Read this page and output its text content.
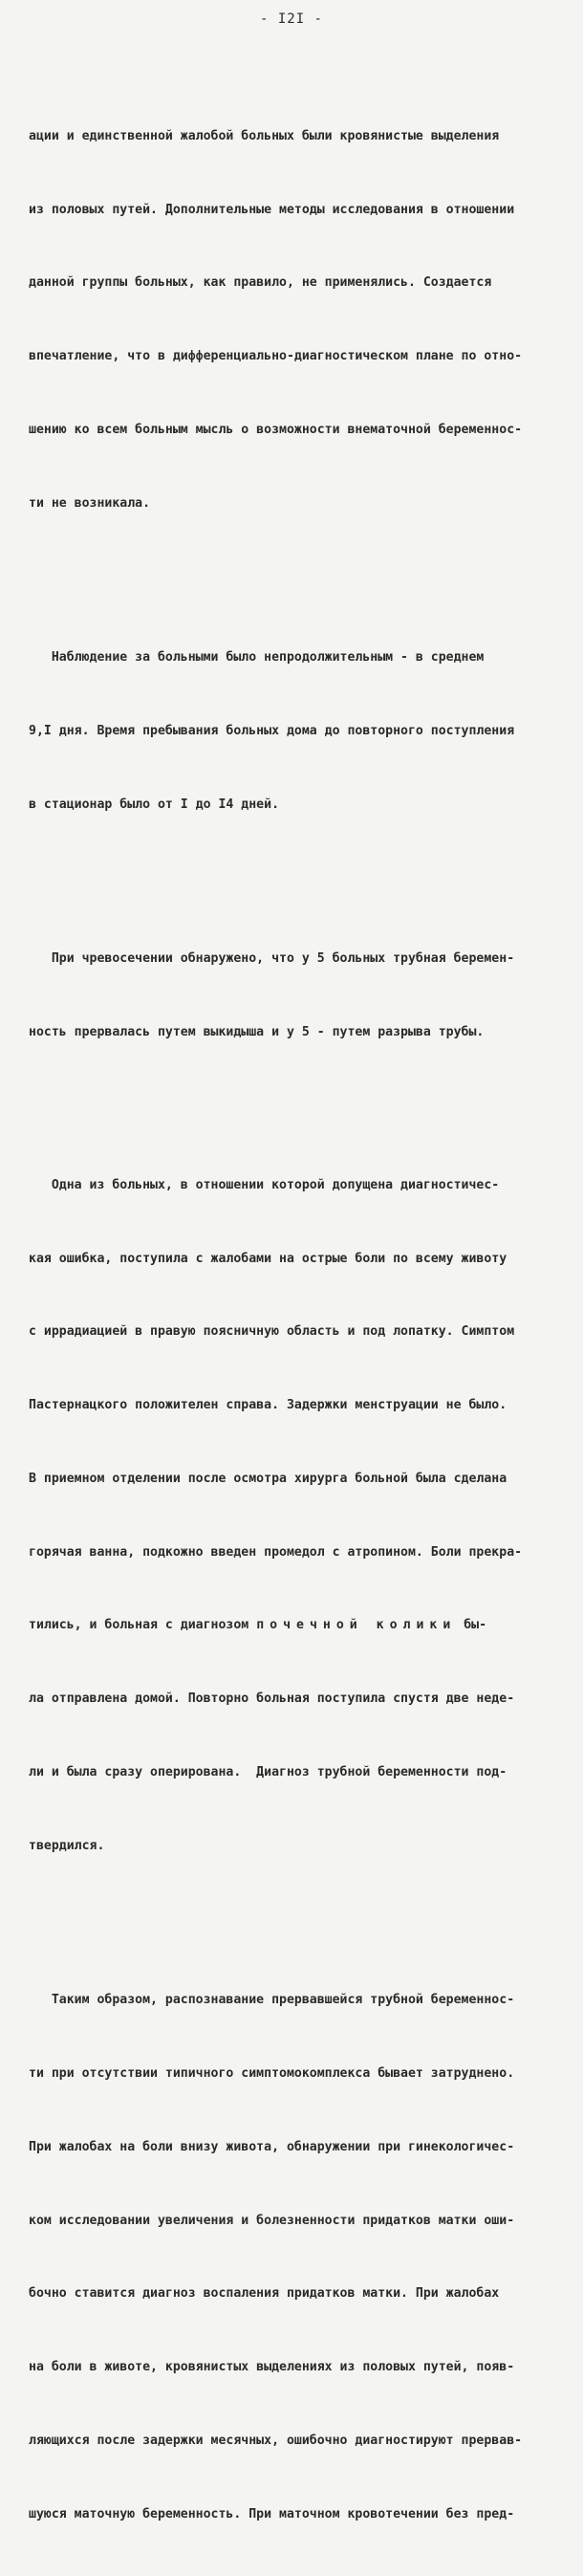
- I2I -

ации и единственной жалобой больных были кровянистые выделения

из половых путей. Дополнительные методы исследования в отношении

данной группы больных, как правило, не применялись. Создается

впечатление, что в дифференциально-диагностическом плане по отно-

шению ко всем больным мысль о возможности внематочной беременнос-

ти не возникала.

Наблюдение за больными было непродолжительным - в среднем

9,I дня. Время пребывания больных дома до повторного поступления

в стационар было от I до I4 дней.

При чревосечении обнаружено, что у 5 больных трубная беремен-

ность прервалась путем выкидыша и у 5 - путем разрыва трубы.

Одна из больных, в отношении которой допущена диагностичес-

кая ошибка, поступила с жалобами на острые боли по всему животу

с иррадиацией в правую поясничную область и под лопатку. Симптом

Пастернацкого положителен справа. Задержки менструации не было.

В приемном отделении после осмотра хирурга больной была сделана

горячая ванна, подкожно введен промедол с атропином. Боли прекра-

тились, и больная с диагнозом почечной колики бы-

ла отправлена домой. Повторно больная поступила спустя две неде-

ли и была сразу оперирована.  Диагноз трубной беременности под-

твердился.

Таким образом, распознавание прервавшейся трубной беременнос-

ти при отсутствии типичного симптомокомплекса бывает затруднено.

При жалобах на боли внизу живота, обнаружении при гинекологичес-

ком исследовании увеличения и болезненности придатков матки оши-

бочно ставится диагноз воспаления придатков матки. При жалобах

на боли в животе, кровянистых выделениях из половых путей, появ-

ляющихся после задержки месячных, ошибочно диагностируют прервав-

шуюся маточную беременность. При маточном кровотечении без пред-
